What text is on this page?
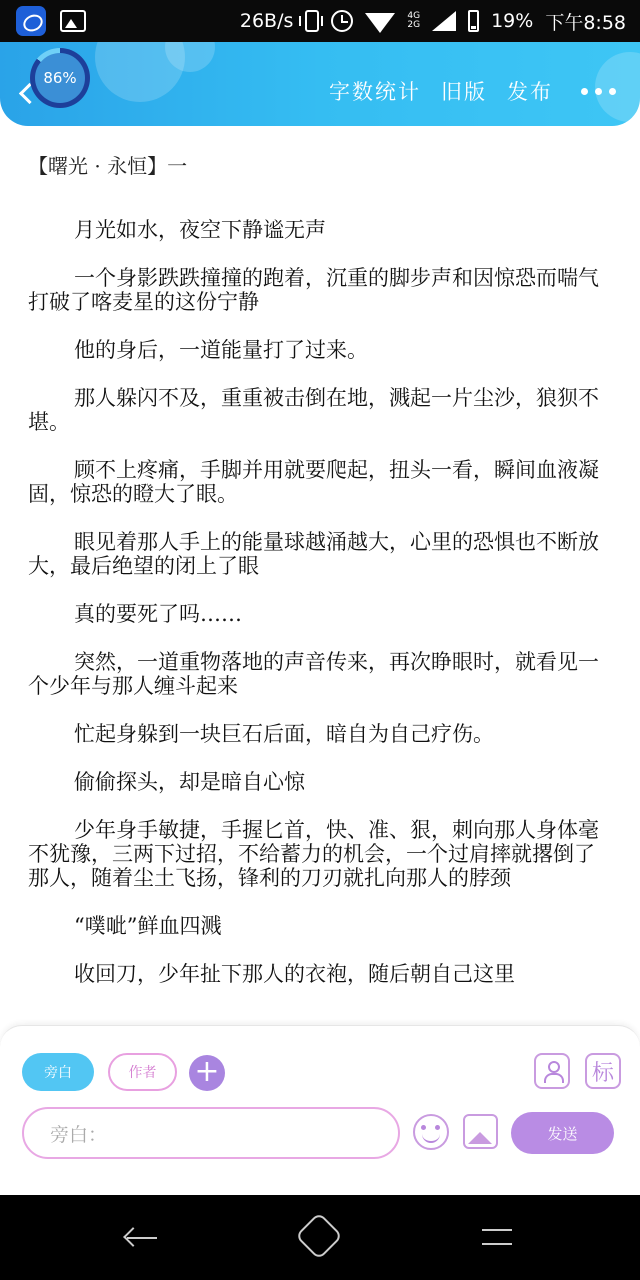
26B/s	4G
2G	19% 下午8:58
86%
字数统计 旧版 发布
【曙光 · 永恒】一

月光如水，夜空下静谧无声

一个身影跌跌撞撞的跑着，沉重的脚步声和因惊恐而喘气打破了喀麦星的这份宁静

他的身后，一道能量打了过来。

那人躲闪不及，重重被击倒在地，溅起一片尘沙，狼狈不堪。

顾不上疼痛，手脚并用就要爬起，扭头一看，瞬间血液凝固，惊恐的瞪大了眼。

眼见着那人手上的能量球越涌越大，心里的恐惧也不断放大，最后绝望的闭上了眼

真的要死了吗……

突然，一道重物落地的声音传来，再次睁眼时，就看见一个少年与那人缠斗起来

忙起身躲到一块巨石后面，暗自为自己疗伤。

偷偷探头，却是暗自心惊

少年身手敏捷，手握匕首，快、准、狠，刺向那人身体毫不犹豫，三两下过招，不给蓄力的机会，一个过肩摔就撂倒了那人，随着尘土飞扬，锋利的刀刃就扎向那人的脖颈

“噗呲”鲜血四溅

收回刀，少年扯下那人的衣袍，随后朝自己这里

旁白	作者	+	标
旁白：	发送
